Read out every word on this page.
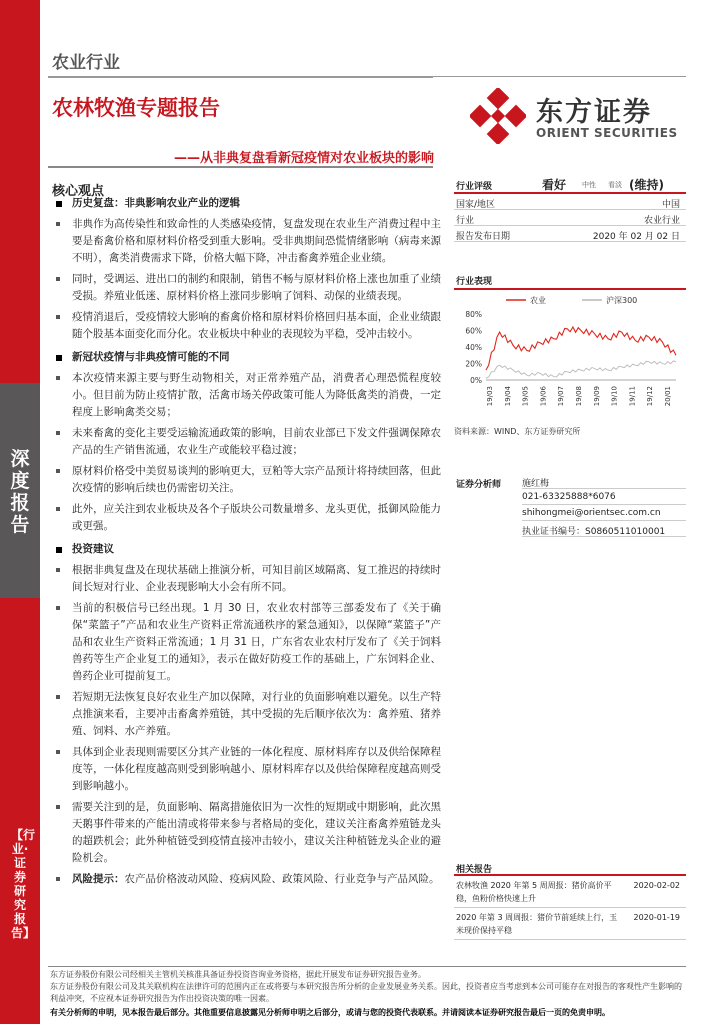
深度报告
【行业·证券研究报告】
农业行业
农林牧渔专题报告
——从非典复盘看新冠疫情对农业板块的影响
东方证券
ORIENT SECURITIES
核心观点
历史复盘：非典影响农业产业的逻辑
非典作为高传染性和致命性的人类感染疫情，复盘发现在农业生产消费过程中主要是畜禽价格和原材料价格受到重大影响。受非典期间恐慌情绪影响（病毒来源不明），禽类消费需求下降，价格大幅下降，冲击畜禽养殖企业业绩。
同时，受调运、进出口的制约和限制，销售不畅与原材料价格上涨也加重了业绩受损。养殖业低迷、原材料价格上涨同步影响了饲料、动保的业绩表现。
疫情消退后，受疫情较大影响的畜禽价格和原材料价格回归基本面，企业业绩跟随个股基本面变化而分化。农业板块中种业的表现较为平稳，受冲击较小。
新冠状疫情与非典疫情可能的不同
本次疫情来源主要与野生动物相关，对正常养殖产品，消费者心理恐慌程度较小。但目前为防止疫情扩散，活禽市场关停政策可能人为降低禽类的消费，一定程度上影响禽类交易；
未来畜禽的变化主要受运输流通政策的影响，目前农业部已下发文件强调保障农产品的生产销售流通，农业生产或能较平稳过渡；
原材料价格受中美贸易谈判的影响更大，豆粕等大宗产品预计将持续回落，但此次疫情的影响后续也仍需密切关注。
此外，应关注到农业板块及各个子版块公司数量增多、龙头更优，抵御风险能力或更强。
投资建议
根据非典复盘及在现状基础上推演分析，可知目前区域隔离、复工推迟的持续时间长短对行业、企业表现影响大小会有所不同。
当前的积极信号已经出现。1 月 30 日，农业农村部等三部委发布了《关于确保“菜篮子”产品和农业生产资料正常流通秩序的紧急通知》，以保障“菜篮子”产品和农业生产资料正常流通；1 月 31 日，广东省农业农村厅发布了《关于饲料兽药等生产企业复工的通知》，表示在做好防疫工作的基础上，广东饲料企业、兽药企业可提前复工。
若短期无法恢复良好农业生产加以保障，对行业的负面影响难以避免。以生产特点推演来看，主要冲击畜禽养殖链，其中受损的先后顺序依次为：禽养殖、猪养殖、饲料、水产养殖。
具体到企业表现则需要区分其产业链的一体化程度、原材料库存以及供给保障程度等，一体化程度越高则受到影响越小、原材料库存以及供给保障程度越高则受到影响越小。
需要关注到的是，负面影响、隔离措施依旧为一次性的短期或中期影响，此次黑天鹅事件带来的产能出清或将带来参与者格局的变化，建议关注畜禽养殖链龙头的超跌机会；此外种植链受到疫情直接冲击较小，建议关注种植链龙头企业的避险机会。
风险提示：农产品价格波动风险、疫病风险、政策风险、行业竞争与产品风险。
行业评级	看好 中性 看淡 (维持)
国家/地区	中国
行业	农业行业
报告发布日期	2020 年 02 月 02 日
行业表现
农业	沪深300
80%
60%
40%
20%
0%
19/03 19/04 19/05 19/06 19/07 19/08 19/09 19/10 19/11 19/12 20/01
资料来源：WIND、东方证券研究所
证券分析师 施红梅
021-63325888*6076
shihongmei@orientsec.com.cn
执业证书编号：S0860511010001
相关报告
农林牧渔 2020 年第 5 周周报：猪价高价平稳，鱼粉价格快速上升
2020-02-02
2020 年第 3 周周报：猪价节前延续上行，玉米现价保持平稳
2020-01-19
东方证券股份有限公司经相关主管机关核准具备证券投资咨询业务资格，据此开展发布证券研究报告业务。
东方证券股份有限公司及其关联机构在法律许可的范围内正在或将要与本研究报告所分析的企业发展业务关系。因此，投资者应当考虑到本公司可能存在对报告的客观性产生影响的利益冲突，不应视本证券研究报告为作出投资决策的唯一因素。
有关分析师的申明，见本报告最后部分。其他重要信息披露见分析师申明之后部分，或请与您的投资代表联系。并请阅读本证券研究报告最后一页的免责申明。
